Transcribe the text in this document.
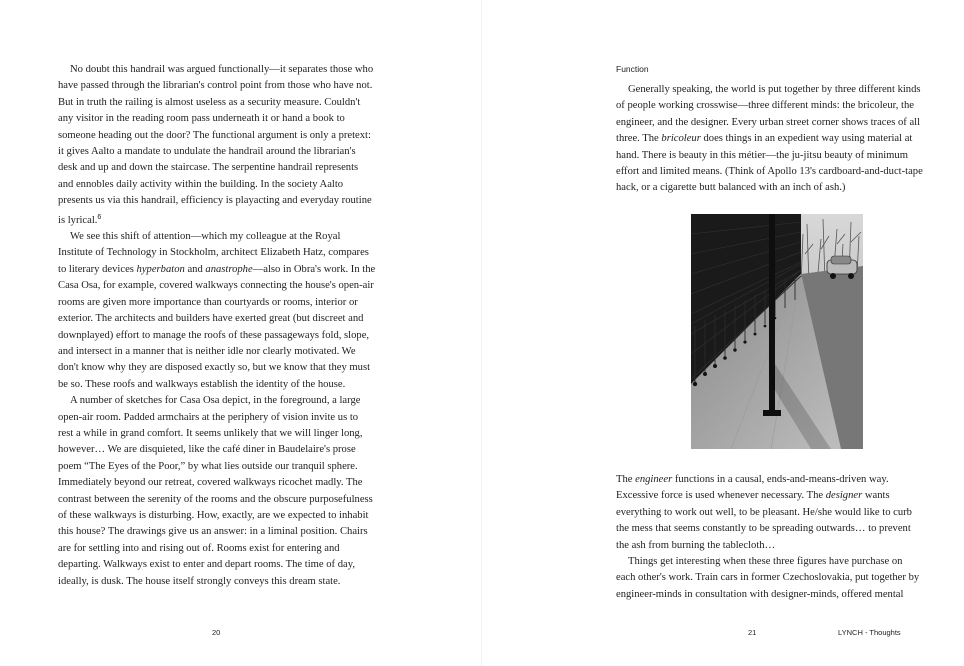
No doubt this handrail was argued functionally—it separates those who have passed through the librarian's control point from those who have not. But in truth the railing is almost useless as a security measure. Couldn't any visitor in the reading room pass underneath it or hand a book to someone heading out the door? The functional argument is only a pretext: it gives Aalto a mandate to undulate the handrail around the librarian's desk and up and down the staircase. The serpentine handrail represents and ennobles daily activity within the building. In the society Aalto presents us via this handrail, efficiency is playacting and everyday routine is lyrical.$^6$

We see this shift of attention—which my colleague at the Royal Institute of Technology in Stockholm, architect Elizabeth Hatz, compares to literary devices hyperbaton and anastrophe—also in Obra's work. In the Casa Osa, for example, covered walkways connecting the house's open-air rooms are given more importance than courtyards or rooms, interior or exterior. The architects and builders have exerted great (but discreet and downplayed) effort to manage the roofs of these passageways fold, slope, and intersect in a manner that is neither idle nor clearly motivated. We don't know why they are disposed exactly so, but we know that they must be so. These roofs and walkways establish the identity of the house.

A number of sketches for Casa Osa depict, in the foreground, a large open-air room. Padded armchairs at the periphery of vision invite us to rest a while in grand comfort. It seems unlikely that we will linger long, however… We are disquieted, like the café diner in Baudelaire's prose poem “The Eyes of the Poor,” by what lies outside our tranquil sphere. Immediately beyond our retreat, covered walkways ricochet madly. The contrast between the serenity of the rooms and the obscure purposefulness of these walkways is disturbing. How, exactly, are we expected to inhabit this house? The drawings give us an answer: in a liminal position. Chairs are for settling into and rising out of. Rooms exist for entering and departing. Walkways exist to enter and depart rooms. The time of day, ideally, is dusk. The house itself strongly conveys this dream state.

20
Function

Generally speaking, the world is put together by three different kinds of people working crosswise—three different minds: the bricoleur, the engineer, and the designer. Every urban street corner shows traces of all three. The bricoleur does things in an expedient way using material at hand. There is beauty in this métier—the ju-jitsu beauty of minimum effort and limited means. (Think of Apollo 13's cardboard-and-duct-tape hack, or a cigarette butt balanced with an inch of ash.)

The engineer functions in a causal, ends-and-means-driven way. Excessive force is used whenever necessary. The designer wants everything to work out well, to be pleasant. He/she would like to curb the mess that seems constantly to be spreading outwards… to prevent the ash from burning the tablecloth…

Things get interesting when these three figures have purchase on each other's work. Train cars in former Czechoslovakia, put together by engineer-minds in consultation with designer-minds, offered mental

21	LYNCH - Thoughts
